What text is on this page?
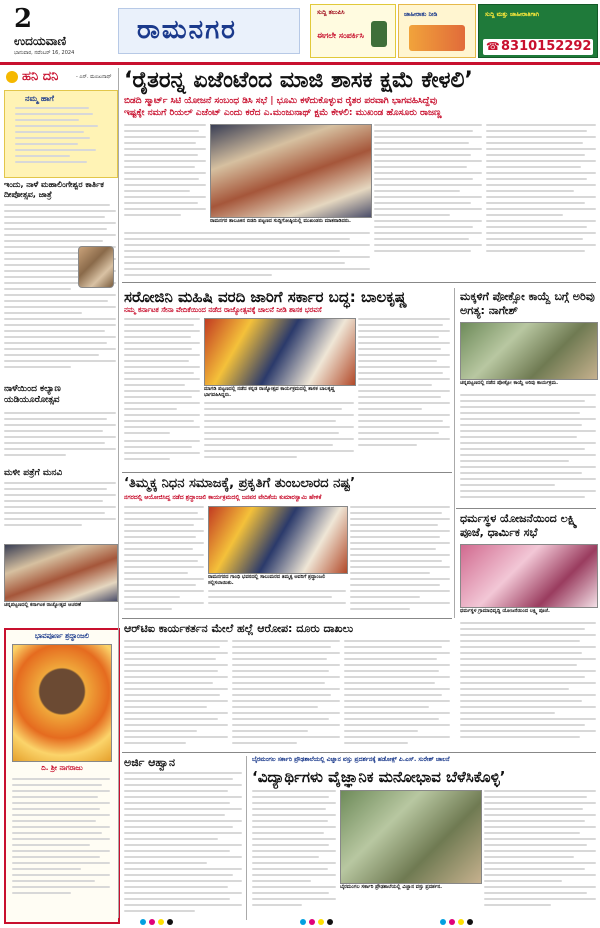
2
ಉದಯವಾಣಿ
ಭಾನುವಾರ, ನವೆಂಬರ್ 16, 2024
ರಾಮನಗರ
ಸುದ್ದಿ ತಲುಪಿಸಿ
ಈಗಲೇ ಸಂಪರ್ಕಿಸಿ
ಜಾಹೀರಾತು ನೀಡಿ	ಸುದ್ದಿ ಮತ್ತು ಜಾಹೀರಾತಿಗಾಗಿ
☎ 8310152292
ಹನಿ ದನಿ	- ಎನ್. ಮಂಜುನಾಥ್
ನಮ್ಮ ಹಾಗೆ
ಇಂದು, ನಾಳೆ ಮಹಾಲಿಂಗೇಶ್ವರ ಕಾರ್ತಿಕ ದೀಪೋತ್ಸವ, ಜಾತ್ರೆ
ನಾಳೆಯಿಂದ ಕಲ್ಯಾಣ ಯಡಿಯೂರೋತ್ಸವ
ಮಳೀ ಪತ್ರೆಗೆ ಮನವಿ
ಚನ್ನಪಟ್ಟಣದಲ್ಲಿ ಕರ್ನಾಟಕ ರಾಜ್ಯೋತ್ಸವ ಆಚರಣೆ
ಭಾವಪೂರ್ಣ ಶ್ರದ್ಧಾಂಜಲಿ
ದಿ. ಶ್ರೀ ನಾಗರಾಜು
‘ರೈತರನ್ನ ಏಜೆಂಟೆಂದ ಮಾಜಿ ಶಾಸಕ ಕ್ಷಮೆ ಕೇಳಲಿ’
ಬಿಡದಿ ಸ್ಮಾರ್ಟ್ ಸಿಟಿ ಯೋಜನೆ ಸಂಬಂಧ ಡಿಸಿ ಸಭೆ | ಭೂಮಿ ಕಳೆದುಕೊಳ್ಳುವ ರೈತರ ಪರವಾಗಿ ಭಾಗವಹಿಸಿದ್ದೆವು
ಇಷ್ಟಕ್ಕೇ ನಮಗೆ ರಿಯಲ್ ಎಜೆಂಟ್ ಎಂದು ಕರೆದ ಎ.ಮಂಜುನಾಥ್ ಕ್ಷಮೆ ಕೇಳಲಿ: ಮುಖಂಡ ಹೊಸೂರು ರಾಜಣ್ಣ
ರಾಮನಗರ ತಾಲೂಕಿನ ಬಿಡದಿ ಪಟ್ಟಣದ ಸುದ್ದಿಗೋಷ್ಠಿಯಲ್ಲಿ ಮುಖಂಡರು ಮಾತನಾಡಿದರು.
ಸರೋಜಿನಿ ಮಹಿಷಿ ವರದಿ ಜಾರಿಗೆ ಸರ್ಕಾರ ಬದ್ಧ: ಬಾಲಕೃಷ್ಣ
ನಮ್ಮ ಕರ್ನಾಟಕ ಸೇನಾ ವೇದಿಕೆಯಿಂದ ನಡೆದ ರಾಜ್ಯೋತ್ಸವಕ್ಕೆ ಚಾಲನೆ ನೀಡಿ ಶಾಸಕ ಭರವಸೆ
ಮಾಗಡಿ ಪಟ್ಟಣದಲ್ಲಿ ನಡೆದ ಕನ್ನಡ ರಾಜ್ಯೋತ್ಸವ ಕಾರ್ಯಕ್ರಮದಲ್ಲಿ ಶಾಸಕ ಬಾಲಕೃಷ್ಣ ಭಾಗವಹಿಸಿದ್ದರು.
ಮಕ್ಕಳಿಗೆ ಪೋಕ್ಸೋ ಕಾಯ್ದೆ ಬಗ್ಗೆ ಅರಿವು ಅಗತ್ಯ: ನಾಗೇಶ್
ಚನ್ನಪಟ್ಟಣದಲ್ಲಿ ನಡೆದ ಪೋಕ್ಸೋ ಕಾಯ್ದೆ ಅರಿವು ಕಾರ್ಯಕ್ರಮ.
‘ತಿಮ್ಮಕ್ಕ ನಿಧನ ಸಮಾಜಕ್ಕೆ, ಪ್ರಕೃತಿಗೆ ತುಂಬಲಾರದ ನಷ್ಟ’
ನಗರದಲ್ಲಿ ಆಯೋಜಿಸಿದ್ದ ನಡೆದ ಶ್ರದ್ಧಾಂಜಲಿ ಕಾರ್ಯಕ್ರಮದಲ್ಲಿ ಜನಪರ ವೇದಿಕೆಯ ಕುಮಾರಸ್ವಾಮಿ ಹೇಳಿಕೆ
ರಾಮನಗರದ ಗಾಂಧಿ ಭವನದಲ್ಲಿ ಸಾಲುಮರದ ತಿಮ್ಮಕ್ಕ ಅವರಿಗೆ ಶ್ರದ್ಧಾಂಜಲಿ ಸಲ್ಲಿಸಲಾಯಿತು.
ಧರ್ಮಸ್ಥಳ ಯೋಜನೆಯಿಂದ ಲಕ್ಷ್ಮಿ ಪೂಜೆ, ಧಾರ್ಮಿಕ ಸಭೆ
ಧರ್ಮಸ್ಥಳ ಗ್ರಾಮಾಭಿವೃದ್ಧಿ ಯೋಜನೆಯಿಂದ ಲಕ್ಷ್ಮಿ ಪೂಜೆ.
ಆರ್‌ಟಿಐ ಕಾರ್ಯಕರ್ತನ ಮೇಲೆ ಹಲ್ಲೆ ಆರೋಪ: ದೂರು ದಾಖಲು
ಅರ್ಜಿ ಆಹ್ವಾನ	ಬೈರಮಂಗಲ ಸರ್ಕಾರಿ ಪ್ರೌಢಶಾಲೆಯಲ್ಲಿ ವಿಜ್ಞಾನ ವಸ್ತು ಪ್ರದರ್ಶನಕ್ಕೆ ಹಡೋಕ್ಸ್ ಪಿ.ಎಸ್. ಸುರೇಶ್ ಚಾಲನೆ
‘ವಿದ್ಯಾರ್ಥಿಗಳು ವೈಜ್ಞಾನಿಕ ಮನೋಭಾವ ಬೆಳೆಸಿಕೊಳ್ಳಿ’
ಬೈರಮಂಗಲ ಸರ್ಕಾರಿ ಪ್ರೌಢಶಾಲೆಯಲ್ಲಿ ವಿಜ್ಞಾನ ವಸ್ತು ಪ್ರದರ್ಶನ.
